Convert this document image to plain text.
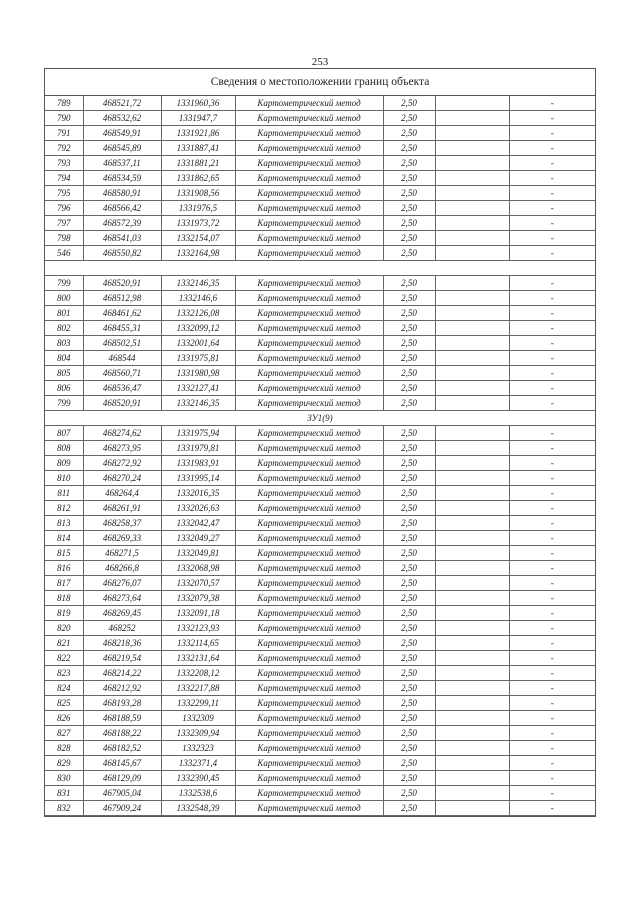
253
Сведения о местоположении границ объекта
789	468521,72	1331960,36	Картометрический метод	2,50		-
790	468532,62	1331947,7	Картометрический метод	2,50		-
791	468549,91	1331921,86	Картометрический метод	2,50		-
792	468545,89	1331887,41	Картометрический метод	2,50		-
793	468537,11	1331881,21	Картометрический метод	2,50		-
794	468534,59	1331862,65	Картометрический метод	2,50		-
795	468580,91	1331908,56	Картометрический метод	2,50		-
796	468566,42	1331976,5	Картометрический метод	2,50		-
797	468572,39	1331973,72	Картометрический метод	2,50		-
798	468541,03	1332154,07	Картометрический метод	2,50		-
546	468550,82	1332164,98	Картометрический метод	2,50		-

799	468520,91	1332146,35	Картометрический метод	2,50		-
800	468512,98	1332146,6	Картометрический метод	2,50		-
801	468461,62	1332126,08	Картометрический метод	2,50		-
802	468455,31	1332099,12	Картометрический метод	2,50		-
803	468502,51	1332001,64	Картометрический метод	2,50		-
804	468544	1331975,81	Картометрический метод	2,50		-
805	468560,71	1331980,98	Картометрический метод	2,50		-
806	468536,47	1332127,41	Картометрический метод	2,50		-
799	468520,91	1332146,35	Картометрический метод	2,50		-
ЗУ1(9)						
807	468274,62	1331975,94	Картометрический метод	2,50		-
808	468273,95	1331979,81	Картометрический метод	2,50		-
809	468272,92	1331983,91	Картометрический метод	2,50		-
810	468270,24	1331995,14	Картометрический метод	2,50		-
811	468264,4	1332016,35	Картометрический метод	2,50		-
812	468261,91	1332026,63	Картометрический метод	2,50		-
813	468258,37	1332042,47	Картометрический метод	2,50		-
814	468269,33	1332049,27	Картометрический метод	2,50		-
815	468271,5	1332049,81	Картометрический метод	2,50		-
816	468266,8	1332068,98	Картометрический метод	2,50		-
817	468276,07	1332070,57	Картометрический метод	2,50		-
818	468273,64	1332079,38	Картометрический метод	2,50		-
819	468269,45	1332091,18	Картометрический метод	2,50		-
820	468252	1332123,93	Картометрический метод	2,50		-
821	468218,36	1332114,65	Картометрический метод	2,50		-
822	468219,54	1332131,64	Картометрический метод	2,50		-
823	468214,22	1332208,12	Картометрический метод	2,50		-
824	468212,92	1332217,88	Картометрический метод	2,50		-
825	468193,28	1332299,11	Картометрический метод	2,50		-
826	468188,59	1332309	Картометрический метод	2,50		-
827	468188,22	1332309,94	Картометрический метод	2,50		-
828	468182,52	1332323	Картометрический метод	2,50		-
829	468145,67	1332371,4	Картометрический метод	2,50		-
830	468129,09	1332390,45	Картометрический метод	2,50		-
831	467905,04	1332538,6	Картометрический метод	2,50		-
832	467909,24	1332548,39	Картометрический метод	2,50		-
